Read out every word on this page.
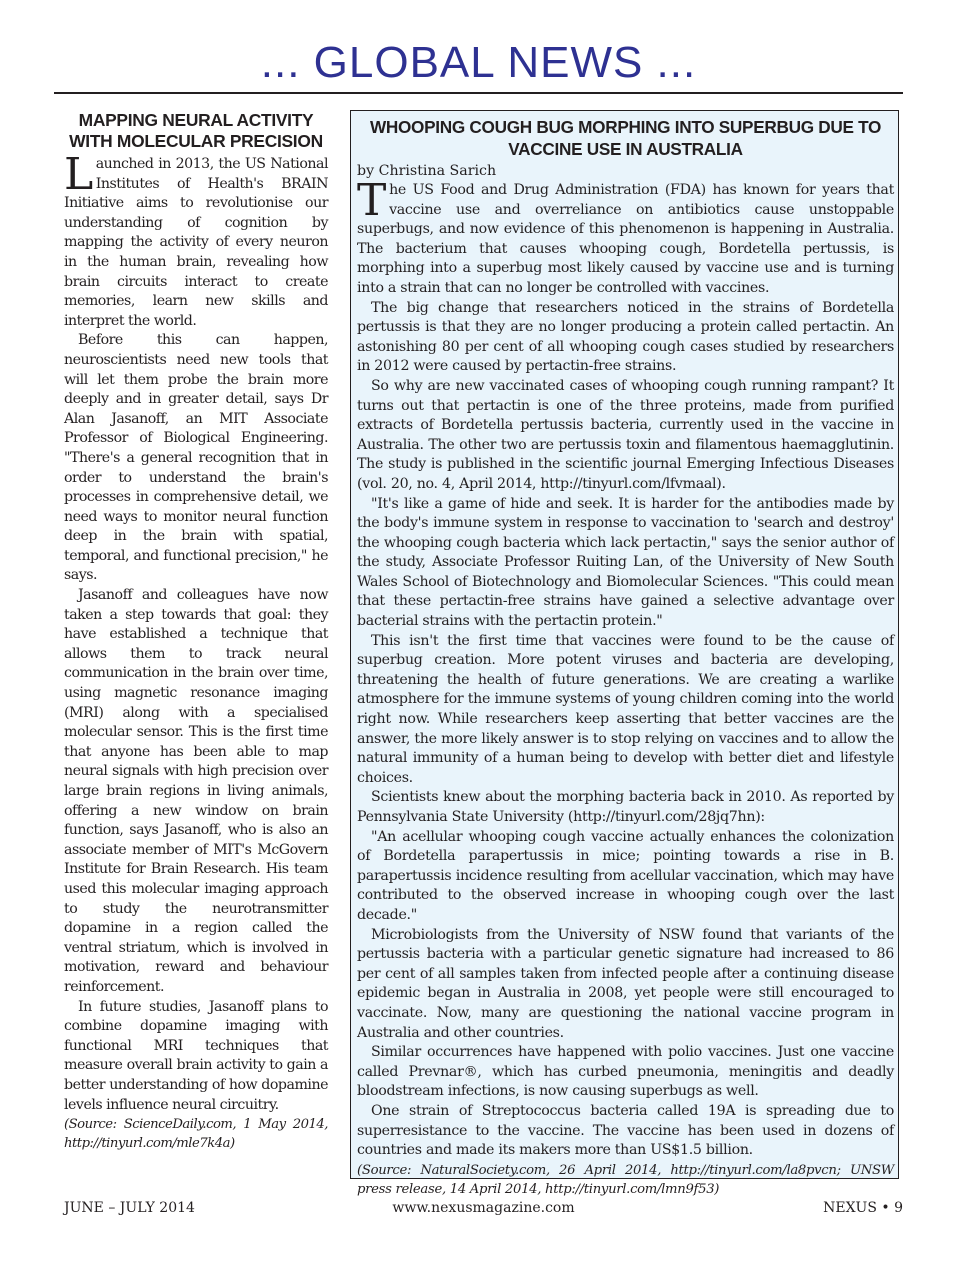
... GLOBAL NEWS ...
MAPPING NEURAL ACTIVITY WITH MOLECULAR PRECISION

Launched in 2013, the US National Institutes of Health's BRAIN Initiative aims to revolutionise our understanding of cognition by mapping the activity of every neuron in the human brain, revealing how brain circuits interact to create memories, learn new skills and interpret the world.

Before this can happen, neuroscientists need new tools that will let them probe the brain more deeply and in greater detail, says Dr Alan Jasanoff, an MIT Associate Professor of Biological Engineering. "There's a general recognition that in order to understand the brain's processes in comprehensive detail, we need ways to monitor neural function deep in the brain with spatial, temporal, and functional precision," he says.

Jasanoff and colleagues have now taken a step towards that goal: they have established a technique that allows them to track neural communication in the brain over time, using magnetic resonance imaging (MRI) along with a specialised molecular sensor. This is the first time that anyone has been able to map neural signals with high precision over large brain regions in living animals, offering a new window on brain function, says Jasanoff, who is also an associate member of MIT's McGovern Institute for Brain Research. His team used this molecular imaging approach to study the neurotransmitter dopamine in a region called the ventral striatum, which is involved in motivation, reward and behaviour reinforcement.

In future studies, Jasanoff plans to combine dopamine imaging with functional MRI techniques that measure overall brain activity to gain a better understanding of how dopamine levels influence neural circuitry.

(Source: ScienceDaily.com, 1 May 2014, http://tinyurl.com/mle7k4a)

WHOOPING COUGH BUG MORPHING INTO SUPERBUG DUE TO VACCINE USE IN AUSTRALIA

by Christina Sarich

The US Food and Drug Administration (FDA) has known for years that vaccine use and overreliance on antibiotics cause unstoppable superbugs, and now evidence of this phenomenon is happening in Australia. The bacterium that causes whooping cough, Bordetella pertussis, is morphing into a superbug most likely caused by vaccine use and is turning into a strain that can no longer be controlled with vaccines.

The big change that researchers noticed in the strains of Bordetella pertussis is that they are no longer producing a protein called pertactin. An astonishing 80 per cent of all whooping cough cases studied by researchers in 2012 were caused by pertactin-free strains.

So why are new vaccinated cases of whooping cough running rampant? It turns out that pertactin is one of the three proteins, made from purified extracts of Bordetella pertussis bacteria, currently used in the vaccine in Australia. The other two are pertussis toxin and filamentous haemagglutinin. The study is published in the scientific journal Emerging Infectious Diseases (vol. 20, no. 4, April 2014, http://tinyurl.com/lfvmaal).

"It's like a game of hide and seek. It is harder for the antibodies made by the body's immune system in response to vaccination to 'search and destroy' the whooping cough bacteria which lack pertactin," says the senior author of the study, Associate Professor Ruiting Lan, of the University of New South Wales School of Biotechnology and Biomolecular Sciences. "This could mean that these pertactin-free strains have gained a selective advantage over bacterial strains with the pertactin protein."

This isn't the first time that vaccines were found to be the cause of superbug creation. More potent viruses and bacteria are developing, threatening the health of future generations. We are creating a warlike atmosphere for the immune systems of young children coming into the world right now. While researchers keep asserting that better vaccines are the answer, the more likely answer is to stop relying on vaccines and to allow the natural immunity of a human being to develop with better diet and lifestyle choices.

Scientists knew about the morphing bacteria back in 2010. As reported by Pennsylvania State University (http://tinyurl.com/28jq7hn):

"An acellular whooping cough vaccine actually enhances the colonization of Bordetella parapertussis in mice; pointing towards a rise in B. parapertussis incidence resulting from acellular vaccination, which may have contributed to the observed increase in whooping cough over the last decade."

Microbiologists from the University of NSW found that variants of the pertussis bacteria with a particular genetic signature had increased to 86 per cent of all samples taken from infected people after a continuing disease epidemic began in Australia in 2008, yet people were still encouraged to vaccinate. Now, many are questioning the national vaccine program in Australia and other countries.

Similar occurrences have happened with polio vaccines. Just one vaccine called Prevnar®, which has curbed pneumonia, meningitis and deadly bloodstream infections, is now causing superbugs as well.

One strain of Streptococcus bacteria called 19A is spreading due to superresistance to the vaccine. The vaccine has been used in dozens of countries and made its makers more than US$1.5 billion.

(Source: NaturalSociety.com, 26 April 2014, http://tinyurl.com/la8pvcn; UNSW press release, 14 April 2014, http://tinyurl.com/lmn9f53)

JUNE – JULY 2014	www.nexusmagazine.com	NEXUS • 9
